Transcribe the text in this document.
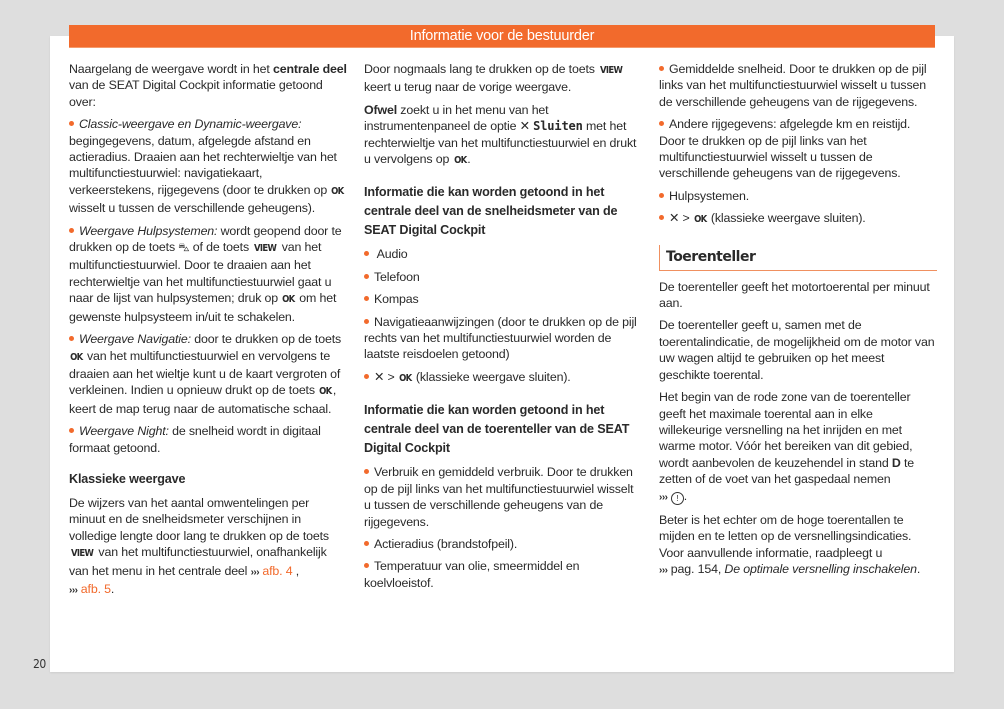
Informatie voor de bestuurder
20

Naargelang de weergave wordt in het centrale deel van de SEAT Digital Cockpit informatie getoond over:

Classic-weergave en Dynamic-weergave: begingegevens, datum, afgelegde afstand en actieradius. Draaien aan het rechterwieltje van het multifunctiestuurwiel: navigatiekaart, verkeerstekens, rijgegevens (door te drukken op OK wisselt u tussen de verschillende geheugens).

Weergave Hulpsystemen: wordt geopend door te drukken op de toets ⛍ of de toets VIEW van het multifunctiestuurwiel. Door te draaien aan het rechterwieltje van het multifunctiestuurwiel gaat u naar de lijst van hulpsystemen; druk op OK om het gewenste hulpsysteem in/uit te schakelen.

Weergave Navigatie: door te drukken op de toets OK van het multifunctiestuurwiel en vervolgens te draaien aan het wieltje kunt u de kaart vergroten of verkleinen. Indien u opnieuw drukt op de toets OK, keert de map terug naar de automatische schaal.

Weergave Night: de snelheid wordt in digitaal formaat getoond.

Klassieke weergave

De wijzers van het aantal omwentelingen per minuut en de snelheidsmeter verschijnen in volledige lengte door lang te drukken op de toets VIEW van het multifunctiestuurwiel, onafhankelijk van het menu in het centrale deel ››› afb. 4 ,
››› afb. 5.

Door nogmaals lang te drukken op de toets VIEW keert u terug naar de vorige weergave.

Ofwel zoekt u in het menu van het instrumentenpaneel de optie ✕ Sluiten met het rechterwieltje van het multifunctiestuurwiel en drukt u vervolgens op OK.

Informatie die kan worden getoond in het centrale deel van de snelheidsmeter van de SEAT Digital Cockpit

Audio

Telefoon

Kompas

Navigatieaanwijzingen (door te drukken op de pijl rechts van het multifunctiestuurwiel worden de laatste reisdoelen getoond)

✕ > OK (klassieke weergave sluiten).

Informatie die kan worden getoond in het centrale deel van de toerenteller van de SEAT Digital Cockpit

Verbruik en gemiddeld verbruik. Door te drukken op de pijl links van het multifunctiestuurwiel wisselt u tussen de verschillende geheugens van de rijgegevens.

Actieradius (brandstofpeil).

Temperatuur van olie, smeermiddel en koelvloeistof.

Gemiddelde snelheid. Door te drukken op de pijl links van het multifunctiestuurwiel wisselt u tussen de verschillende geheugens van de rijgegevens.

Andere rijgegevens: afgelegde km en reistijd. Door te drukken op de pijl links van het multifunctiestuurwiel wisselt u tussen de verschillende geheugens van de rijgegevens.

Hulpsystemen.

✕ > OK (klassieke weergave sluiten).

Toerenteller

De toerenteller geeft het motortoerental per minuut aan.

De toerenteller geeft u, samen met de toerentalindicatie, de mogelijkheid om de motor van uw wagen altijd te gebruiken op het meest geschikte toerental.

Het begin van de rode zone van de toerenteller geeft het maximale toerental aan in elke willekeurige versnelling na het inrijden en met warme motor. Vóór het bereiken van dit gebied, wordt aanbevolen de keuzehendel in stand D te zetten of de voet van het gaspedaal nemen
››› ! .

Beter is het echter om de hoge toerentallen te mijden en te letten op de versnellingsindicaties. Voor aanvullende informatie, raadpleegt u
››› pag. 154, De optimale versnelling inschakelen.
